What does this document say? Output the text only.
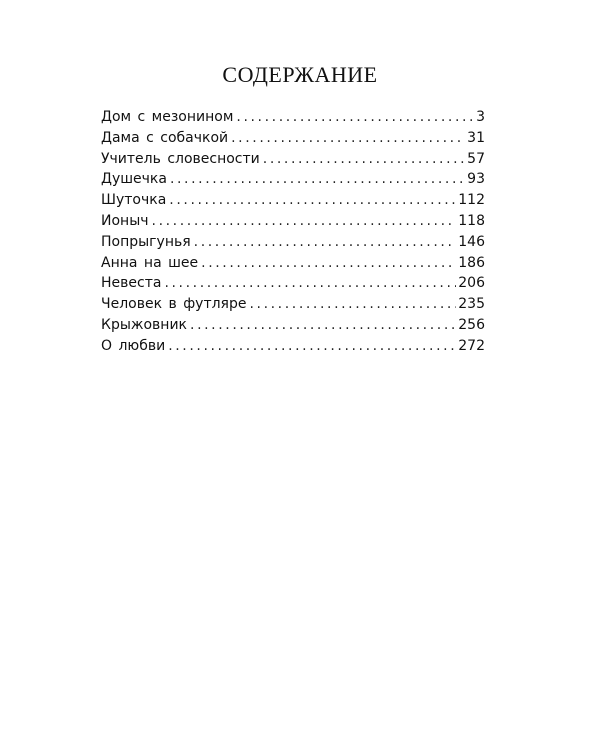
СОДЕРЖАНИЕ
Дом с мезонином .....	3
Дама с собачкой .....	31
Учитель словесности .....	57
Душечка .....	93
Шуточка .....	112
Ионыч .....	118
Попрыгунья .....	146
Анна на шее .....	186
Невеста .....	206
Человек в футляре .....	235
Крыжовник .....	256
О любви .....	272
